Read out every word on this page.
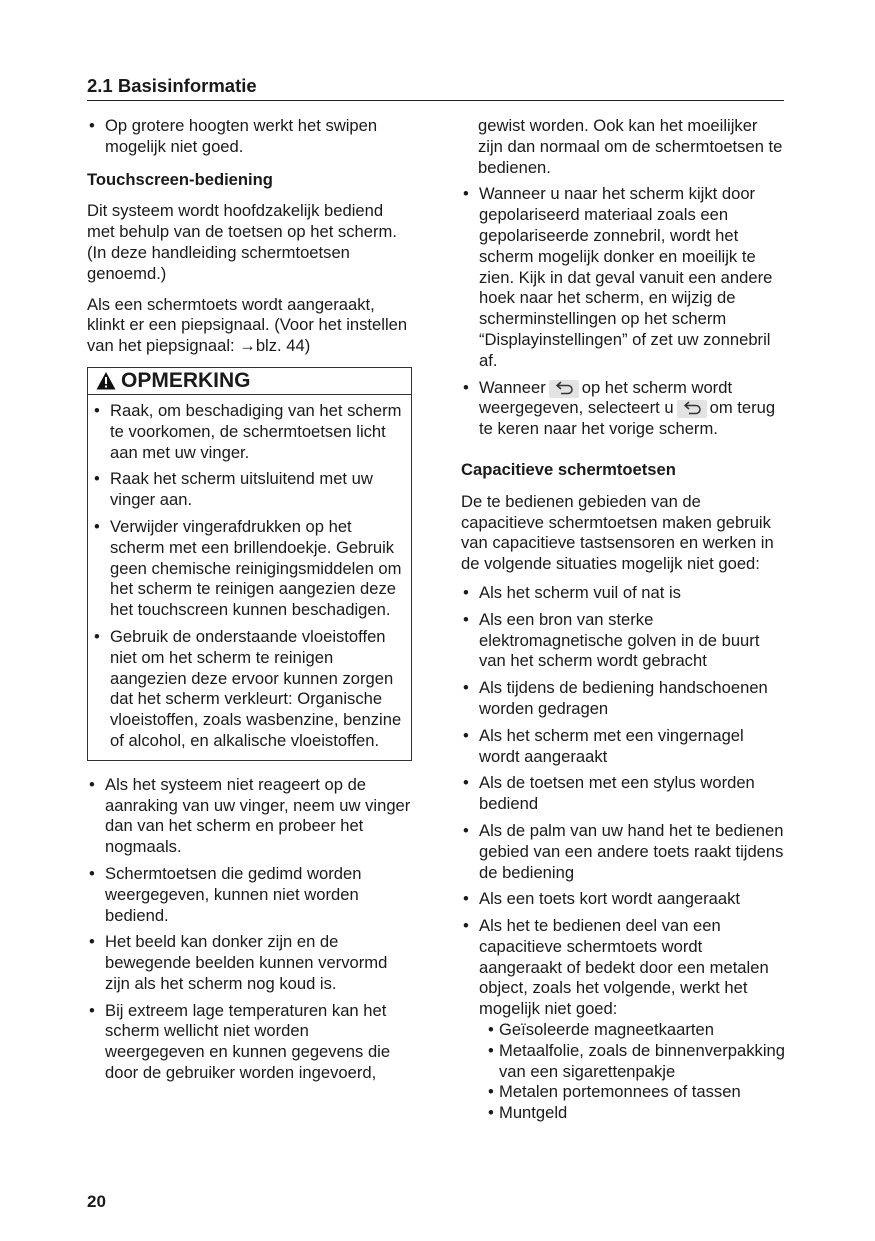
2.1 Basisinformatie
• Op grotere hoogten werkt het swipen mogelijk niet goed.
Touchscreen-bediening

Dit systeem wordt hoofdzakelijk bediend met behulp van de toetsen op het scherm. (In deze handleiding schermtoetsen genoemd.)

Als een schermtoets wordt aangeraakt, klinkt er een piepsignaal. (Voor het instellen van het piepsignaal: →blz. 44)

OPMERKING
• Raak, om beschadiging van het scherm te voorkomen, de schermtoetsen licht aan met uw vinger.
• Raak het scherm uitsluitend met uw vinger aan.
• Verwijder vingerafdrukken op het scherm met een brillendoekje. Gebruik geen chemische reinigingsmiddelen om het scherm te reinigen aangezien deze het touchscreen kunnen beschadigen.
• Gebruik de onderstaande vloeistoffen niet om het scherm te reinigen aangezien deze ervoor kunnen zorgen dat het scherm verkleurt: Organische vloeistoffen, zoals wasbenzine, benzine of alcohol, en alkalische vloeistoffen.
• Als het systeem niet reageert op de aanraking van uw vinger, neem uw vinger dan van het scherm en probeer het nogmaals.
• Schermtoetsen die gedimd worden weergegeven, kunnen niet worden bediend.
• Het beeld kan donker zijn en de bewegende beelden kunnen vervormd zijn als het scherm nog koud is.
• Bij extreem lage temperaturen kan het scherm wellicht niet worden weergegeven en kunnen gegevens die door de gebruiker worden ingevoerd,
gewist worden. Ook kan het moeilijker zijn dan normaal om de schermtoetsen te bedienen.
• Wanneer u naar het scherm kijkt door gepolariseerd materiaal zoals een gepolariseerde zonnebril, wordt het scherm mogelijk donker en moeilijk te zien. Kijk in dat geval vanuit een andere hoek naar het scherm, en wijzig de scherminstellingen op het scherm “Displayinstellingen” of zet uw zonnebril af.
• Wanneer op het scherm wordt weergegeven, selecteert u om terug te keren naar het vorige scherm.
Capacitieve schermtoetsen

De te bedienen gebieden van de capacitieve schermtoetsen maken gebruik van capacitieve tastsensoren en werken in de volgende situaties mogelijk niet goed:

• Als het scherm vuil of nat is
• Als een bron van sterke elektromagnetische golven in de buurt van het scherm wordt gebracht
• Als tijdens de bediening handschoenen worden gedragen
• Als het scherm met een vingernagel wordt aangeraakt
• Als de toetsen met een stylus worden bediend
• Als de palm van uw hand het te bedienen gebied van een andere toets raakt tijdens de bediening
• Als een toets kort wordt aangeraakt
• Als het te bedienen deel van een capacitieve schermtoets wordt aangeraakt of bedekt door een metalen object, zoals het volgende, werkt het mogelijk niet goed:
• Geïsoleerde magneetkaarten
• Metaalfolie, zoals de binnenverpakking van een sigarettenpakje
• Metalen portemonnees of tassen
• Muntgeld
20
